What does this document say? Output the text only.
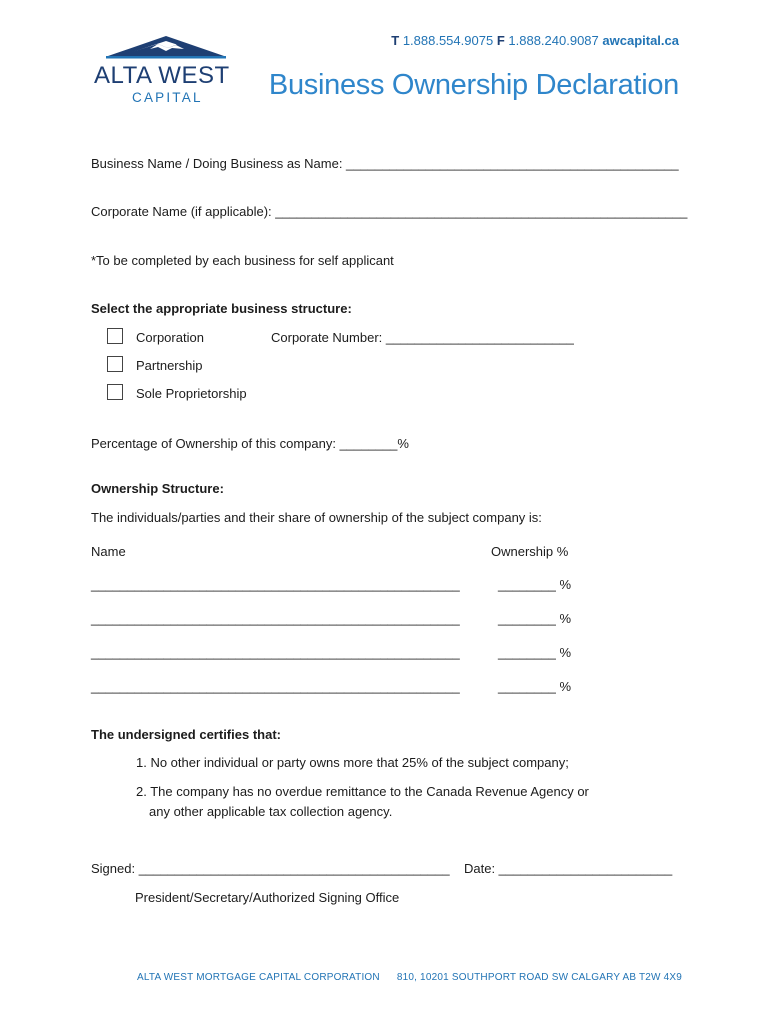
T 1.888.554.9075 F 1.888.240.9087 awcapital.ca
ALTA WEST
CAPITAL Business Ownership Declaration
Business Name / Doing Business as Name: ______________________________________________
Corporate Name (if applicable): _________________________________________________________
*To be completed by each business for self applicant
Select the appropriate business structure:
Corporation	Corporate Number: __________________________
Partnership
Sole Proprietorship
Percentage of Ownership of this company: ________%
Ownership Structure:
The individuals/parties and their share of ownership of the subject company is:
Name	Ownership %
___________________________________________________	________ %
___________________________________________________	________ %
___________________________________________________	________ %
___________________________________________________	________ %
The undersigned certifies that:
1. No other individual or party owns more that 25% of the subject company;
2. The company has no overdue remittance to the Canada Revenue Agency or any other applicable tax collection agency.
Signed: ___________________________________________ Date: ________________________
President/Secretary/Authorized Signing Office
ALTA WEST MORTGAGE CAPITAL CORPORATION 810, 10201 SOUTHPORT ROAD SW CALGARY AB T2W 4X9
